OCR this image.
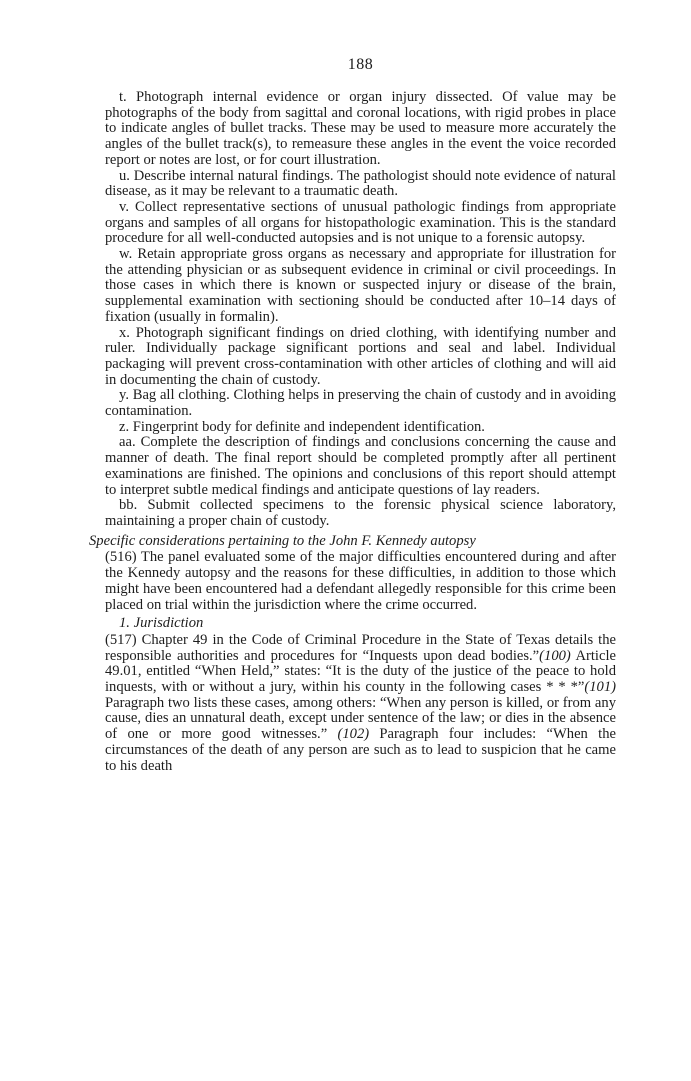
188

t. Photograph internal evidence or organ injury dissected. Of value may be photographs of the body from sagittal and coronal locations, with rigid probes in place to indicate angles of bullet tracks. These may be used to measure more accurately the angles of the bullet track(s), to remeasure these angles in the event the voice recorded report or notes are lost, or for court illustration.

u. Describe internal natural findings. The pathologist should note evidence of natural disease, as it may be relevant to a traumatic death.

v. Collect representative sections of unusual pathologic findings from appropriate organs and samples of all organs for histopathologic examination. This is the standard procedure for all well-conducted autopsies and is not unique to a forensic autopsy.

w. Retain appropriate gross organs as necessary and appropriate for illustration for the attending physician or as subsequent evidence in criminal or civil proceedings. In those cases in which there is known or suspected injury or disease of the brain, supplemental examination with sectioning should be conducted after 10–14 days of fixation (usually in formalin).

x. Photograph significant findings on dried clothing, with identifying number and ruler. Individually package significant portions and seal and label. Individual packaging will prevent cross-contamination with other articles of clothing and will aid in documenting the chain of custody.

y. Bag all clothing. Clothing helps in preserving the chain of custody and in avoiding contamination.

z. Fingerprint body for definite and independent identification.

aa. Complete the description of findings and conclusions concerning the cause and manner of death. The final report should be completed promptly after all pertinent examinations are finished. The opinions and conclusions of this report should attempt to interpret subtle medical findings and anticipate questions of lay readers.

bb. Submit collected specimens to the forensic physical science laboratory, maintaining a proper chain of custody.

Specific considerations pertaining to the John F. Kennedy autopsy

(516) The panel evaluated some of the major difficulties encountered during and after the Kennedy autopsy and the reasons for these difficulties, in addition to those which might have been encountered had a defendant allegedly responsible for this crime been placed on trial within the jurisdiction where the crime occurred.

1. Jurisdiction

(517) Chapter 49 in the Code of Criminal Procedure in the State of Texas details the responsible authorities and procedures for “Inquests upon dead bodies.”(100) Article 49.01, entitled “When Held,” states: “It is the duty of the justice of the peace to hold inquests, with or without a jury, within his county in the following cases * * *”(101) Paragraph two lists these cases, among others: “When any person is killed, or from any cause, dies an unnatural death, except under sentence of the law; or dies in the absence of one or more good witnesses.” (102) Paragraph four includes: “When the circumstances of the death of any person are such as to lead to suspicion that he came to his death
